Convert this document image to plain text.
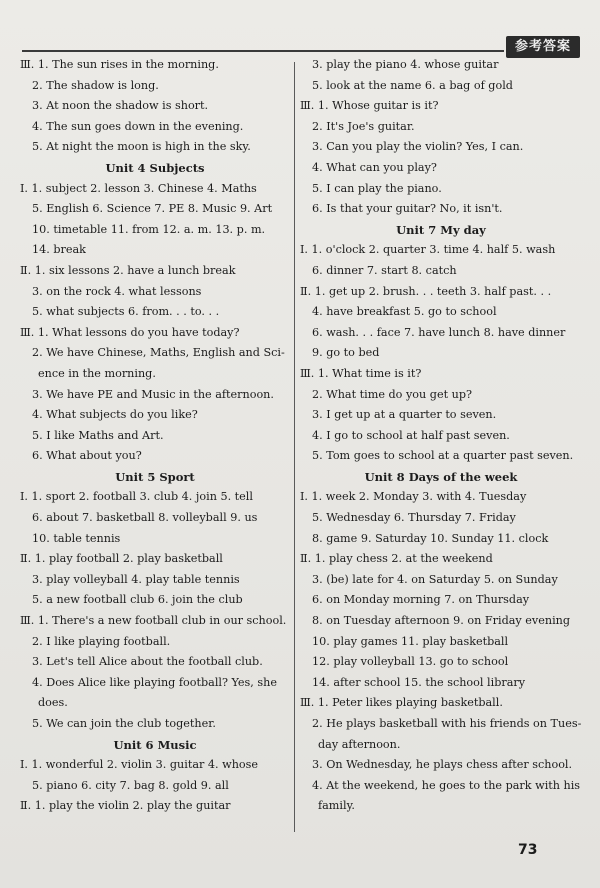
参考答案
Ⅲ. 1. The sun rises in the morning.
2. The shadow is long.
3. At noon the shadow is short.
4. The sun goes down in the evening.
5. At night the moon is high in the sky.
Unit 4 Subjects
Ⅰ. 1. subject 2. lesson 3. Chinese 4. Maths
5. English 6. Science 7. PE 8. Music 9. Art
10. timetable 11. from 12. a. m. 13. p. m.
14. break
Ⅱ. 1. six lessons 2. have a lunch break
3. on the rock 4. what lessons
5. what subjects 6. from. . . to. . .
Ⅲ. 1. What lessons do you have today?
2. We have Chinese, Maths, English and Sci-
ence in the morning.
3. We have PE and Music in the afternoon.
4. What subjects do you like?
5. I like Maths and Art.
6. What about you?
Unit 5 Sport
Ⅰ. 1. sport 2. football 3. club 4. join 5. tell
6. about 7. basketball 8. volleyball 9. us
10. table tennis
Ⅱ. 1. play football 2. play basketball
3. play volleyball 4. play table tennis
5. a new football club 6. join the club
Ⅲ. 1. There's a new football club in our school.
2. I like playing football.
3. Let's tell Alice about the football club.
4. Does Alice like playing football? Yes, she
does.
5. We can join the club together.
Unit 6 Music
Ⅰ. 1. wonderful 2. violin 3. guitar 4. whose
5. piano 6. city 7. bag 8. gold 9. all
Ⅱ. 1. play the violin 2. play the guitar
3. play the piano 4. whose guitar
5. look at the name 6. a bag of gold
Ⅲ. 1. Whose guitar is it?
2. It's Joe's guitar.
3. Can you play the violin? Yes, I can.
4. What can you play?
5. I can play the piano.
6. Is that your guitar? No, it isn't.
Unit 7 My day
Ⅰ. 1. o'clock 2. quarter 3. time 4. half 5. wash
6. dinner 7. start 8. catch
Ⅱ. 1. get up 2. brush. . . teeth 3. half past. . .
4. have breakfast 5. go to school
6. wash. . . face 7. have lunch 8. have dinner
9. go to bed
Ⅲ. 1. What time is it?
2. What time do you get up?
3. I get up at a quarter to seven.
4. I go to school at half past seven.
5. Tom goes to school at a quarter past seven.
Unit 8 Days of the week
Ⅰ. 1. week 2. Monday 3. with 4. Tuesday
5. Wednesday 6. Thursday 7. Friday
8. game 9. Saturday 10. Sunday 11. clock
Ⅱ. 1. play chess 2. at the weekend
3. (be) late for 4. on Saturday 5. on Sunday
6. on Monday morning 7. on Thursday
8. on Tuesday afternoon 9. on Friday evening
10. play games 11. play basketball
12. play volleyball 13. go to school
14. after school 15. the school library
Ⅲ. 1. Peter likes playing basketball.
2. He plays basketball with his friends on Tues-
day afternoon.
3. On Wednesday, he plays chess after school.
4. At the weekend, he goes to the park with his
family.
73
